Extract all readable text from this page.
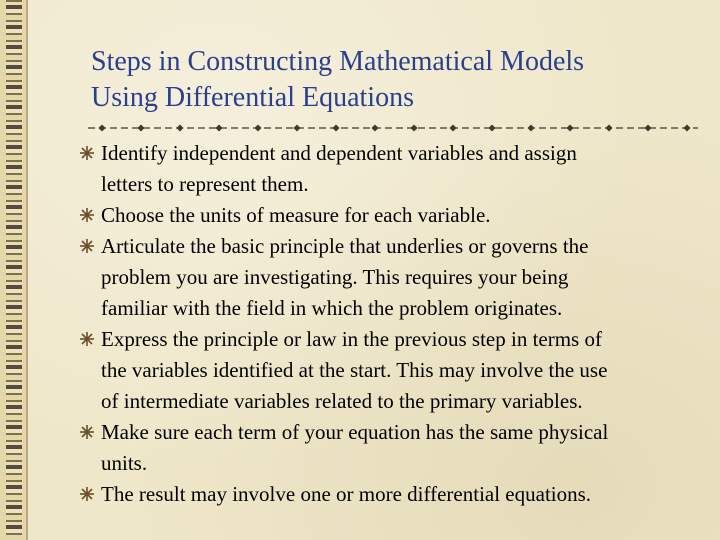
Steps in Constructing Mathematical Models
Using Differential Equations
Identify independent and dependent variables and assign
letters to represent them.
Choose the units of measure for each variable.
Articulate the basic principle that underlies or governs the
problem you are investigating. This requires your being
familiar with the field in which the problem originates.
Express the principle or law in the previous step in terms of
the variables identified at the start. This may involve the use
of intermediate variables related to the primary variables.
Make sure each term of your equation has the same physical
units.
The result may involve one or more differential equations.
